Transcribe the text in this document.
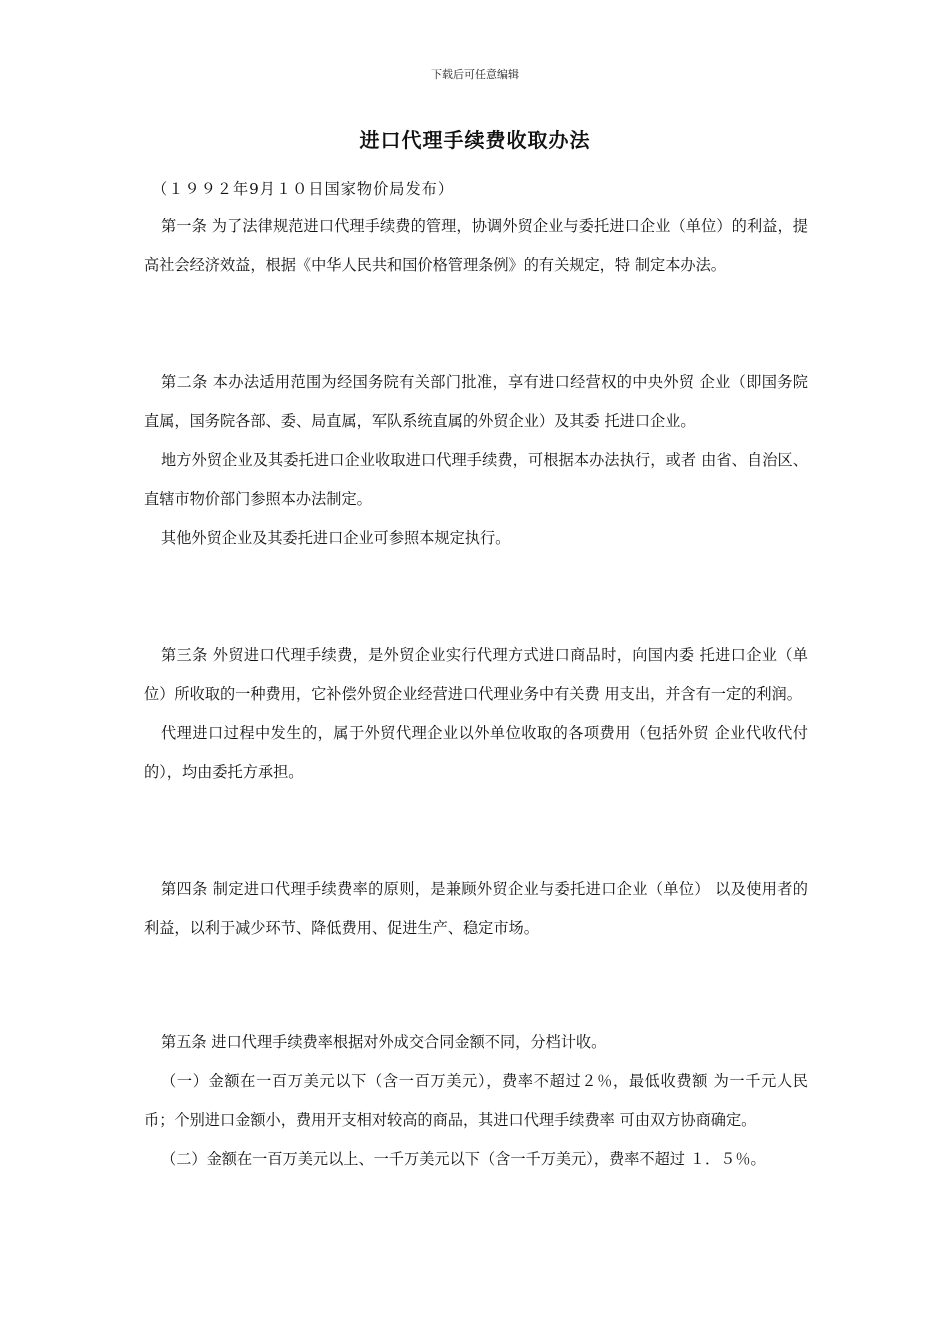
下载后可任意编辑
进口代理手续费收取办法

（１９９２年9月１０日国家物价局发布）

第一条 为了法律规范进口代理手续费的管理，协调外贸企业与委托进口企业（单位）的利益，提高社会经济效益，根据《中华人民共和国价格管理条例》的有关规定，特 制定本办法。

第二条 本办法适用范围为经国务院有关部门批准，享有进口经营权的中央外贸 企业（即国务院直属，国务院各部、委、局直属，军队系统直属的外贸企业）及其委 托进口企业。

地方外贸企业及其委托进口企业收取进口代理手续费，可根据本办法执行，或者 由省、自治区、直辖市物价部门参照本办法制定。

其他外贸企业及其委托进口企业可参照本规定执行。

第三条 外贸进口代理手续费，是外贸企业实行代理方式进口商品时，向国内委 托进口企业（单位）所收取的一种费用，它补偿外贸企业经营进口代理业务中有关费 用支出，并含有一定的利润。

代理进口过程中发生的，属于外贸代理企业以外单位收取的各项费用（包括外贸 企业代收代付的），均由委托方承担。

第四条 制定进口代理手续费率的原则，是兼顾外贸企业与委托进口企业（单位） 以及使用者的利益，以利于减少环节、降低费用、促进生产、稳定市场。

第五条 进口代理手续费率根据对外成交合同金额不同，分档计收。

（一）金额在一百万美元以下（含一百万美元），费率不超过２％，最低收费额 为一千元人民币；个别进口金额小，费用开支相对较高的商品，其进口代理手续费率 可由双方协商确定。

（二）金额在一百万美元以上、一千万美元以下（含一千万美元），费率不超过 １．５％。
